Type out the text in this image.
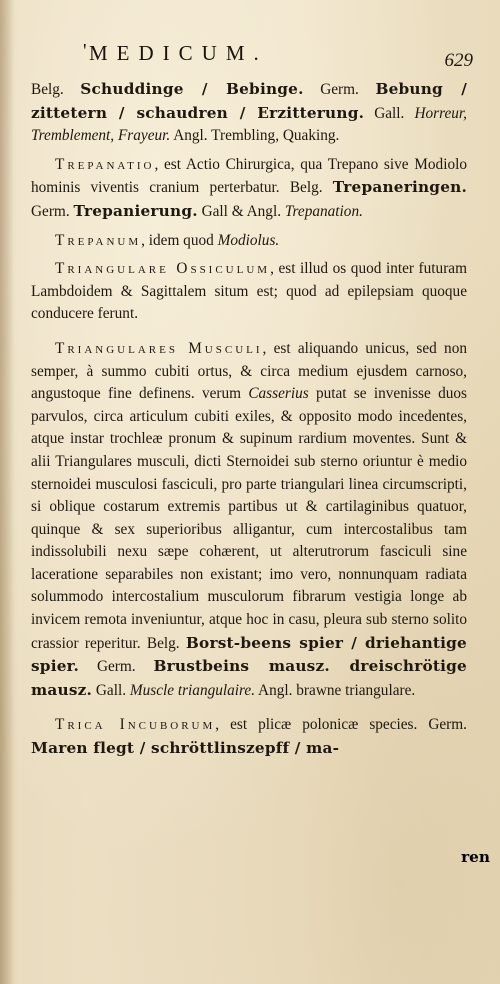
' MEDICUM.	629

Belg. Schuddinge / Bebinge. Germ. Bebung / zittetern / schaudren / Erzitterung. Gall. Horreur, Tremblement, Frayeur. Angl. Trembling, Quaking.

Trepanatio, est Actio Chirurgica, qua Trepano sive Modiolo hominis viventis cranium perterbatur. Belg. Trepaneringen. Germ. Trepanierung. Gall & Angl. Trepanation.

Trepanum, idem quod Modiolus.

Triangulare Ossiculum, est illud os quod inter futuram Lambdoidem & Sagittalem situm est; quod ad epilepsiam quoque conducere ferunt.

Triangulares Musculi, est aliquando unicus, sed non semper, à summo cubiti ortus, & circa medium ejusdem carnoso, angustoque fine definens. verum Casserius putat se invenisse duos parvulos, circa articulum cubiti exiles, & opposito modo incedentes, atque instar trochleæ pronum & supinum rardium moventes. Sunt & alii Triangulares musculi, dicti Sternoidei sub sterno oriuntur è medio sternoidei musculosi fasciculi, pro parte triangulari linea circumscripti, si oblique costarum extremis partibus ut & cartilaginibus quatuor, quinque & sex superioribus alligantur, cum intercostalibus tam indissolubili nexu sæpe cohærent, ut alterutrorum fasciculi sine laceratione separabiles non existant; imo vero, nonnunquam radiata solummodo intercostalium musculorum fibrarum vestigia longe ab invicem remota inveniuntur, atque hoc in casu, pleura sub sterno solito crassior reperitur. Belg. Borst-beens spier / driehantige spier. Germ. Brustbeins mausz. dreischrötige mausz. Gall. Muscle triangulaire. Angl. brawne triangulare.

Trica Incuborum, est plicæ polonicæ species. Germ. Maren flegt / schröttlinszepff / ma-

ren
